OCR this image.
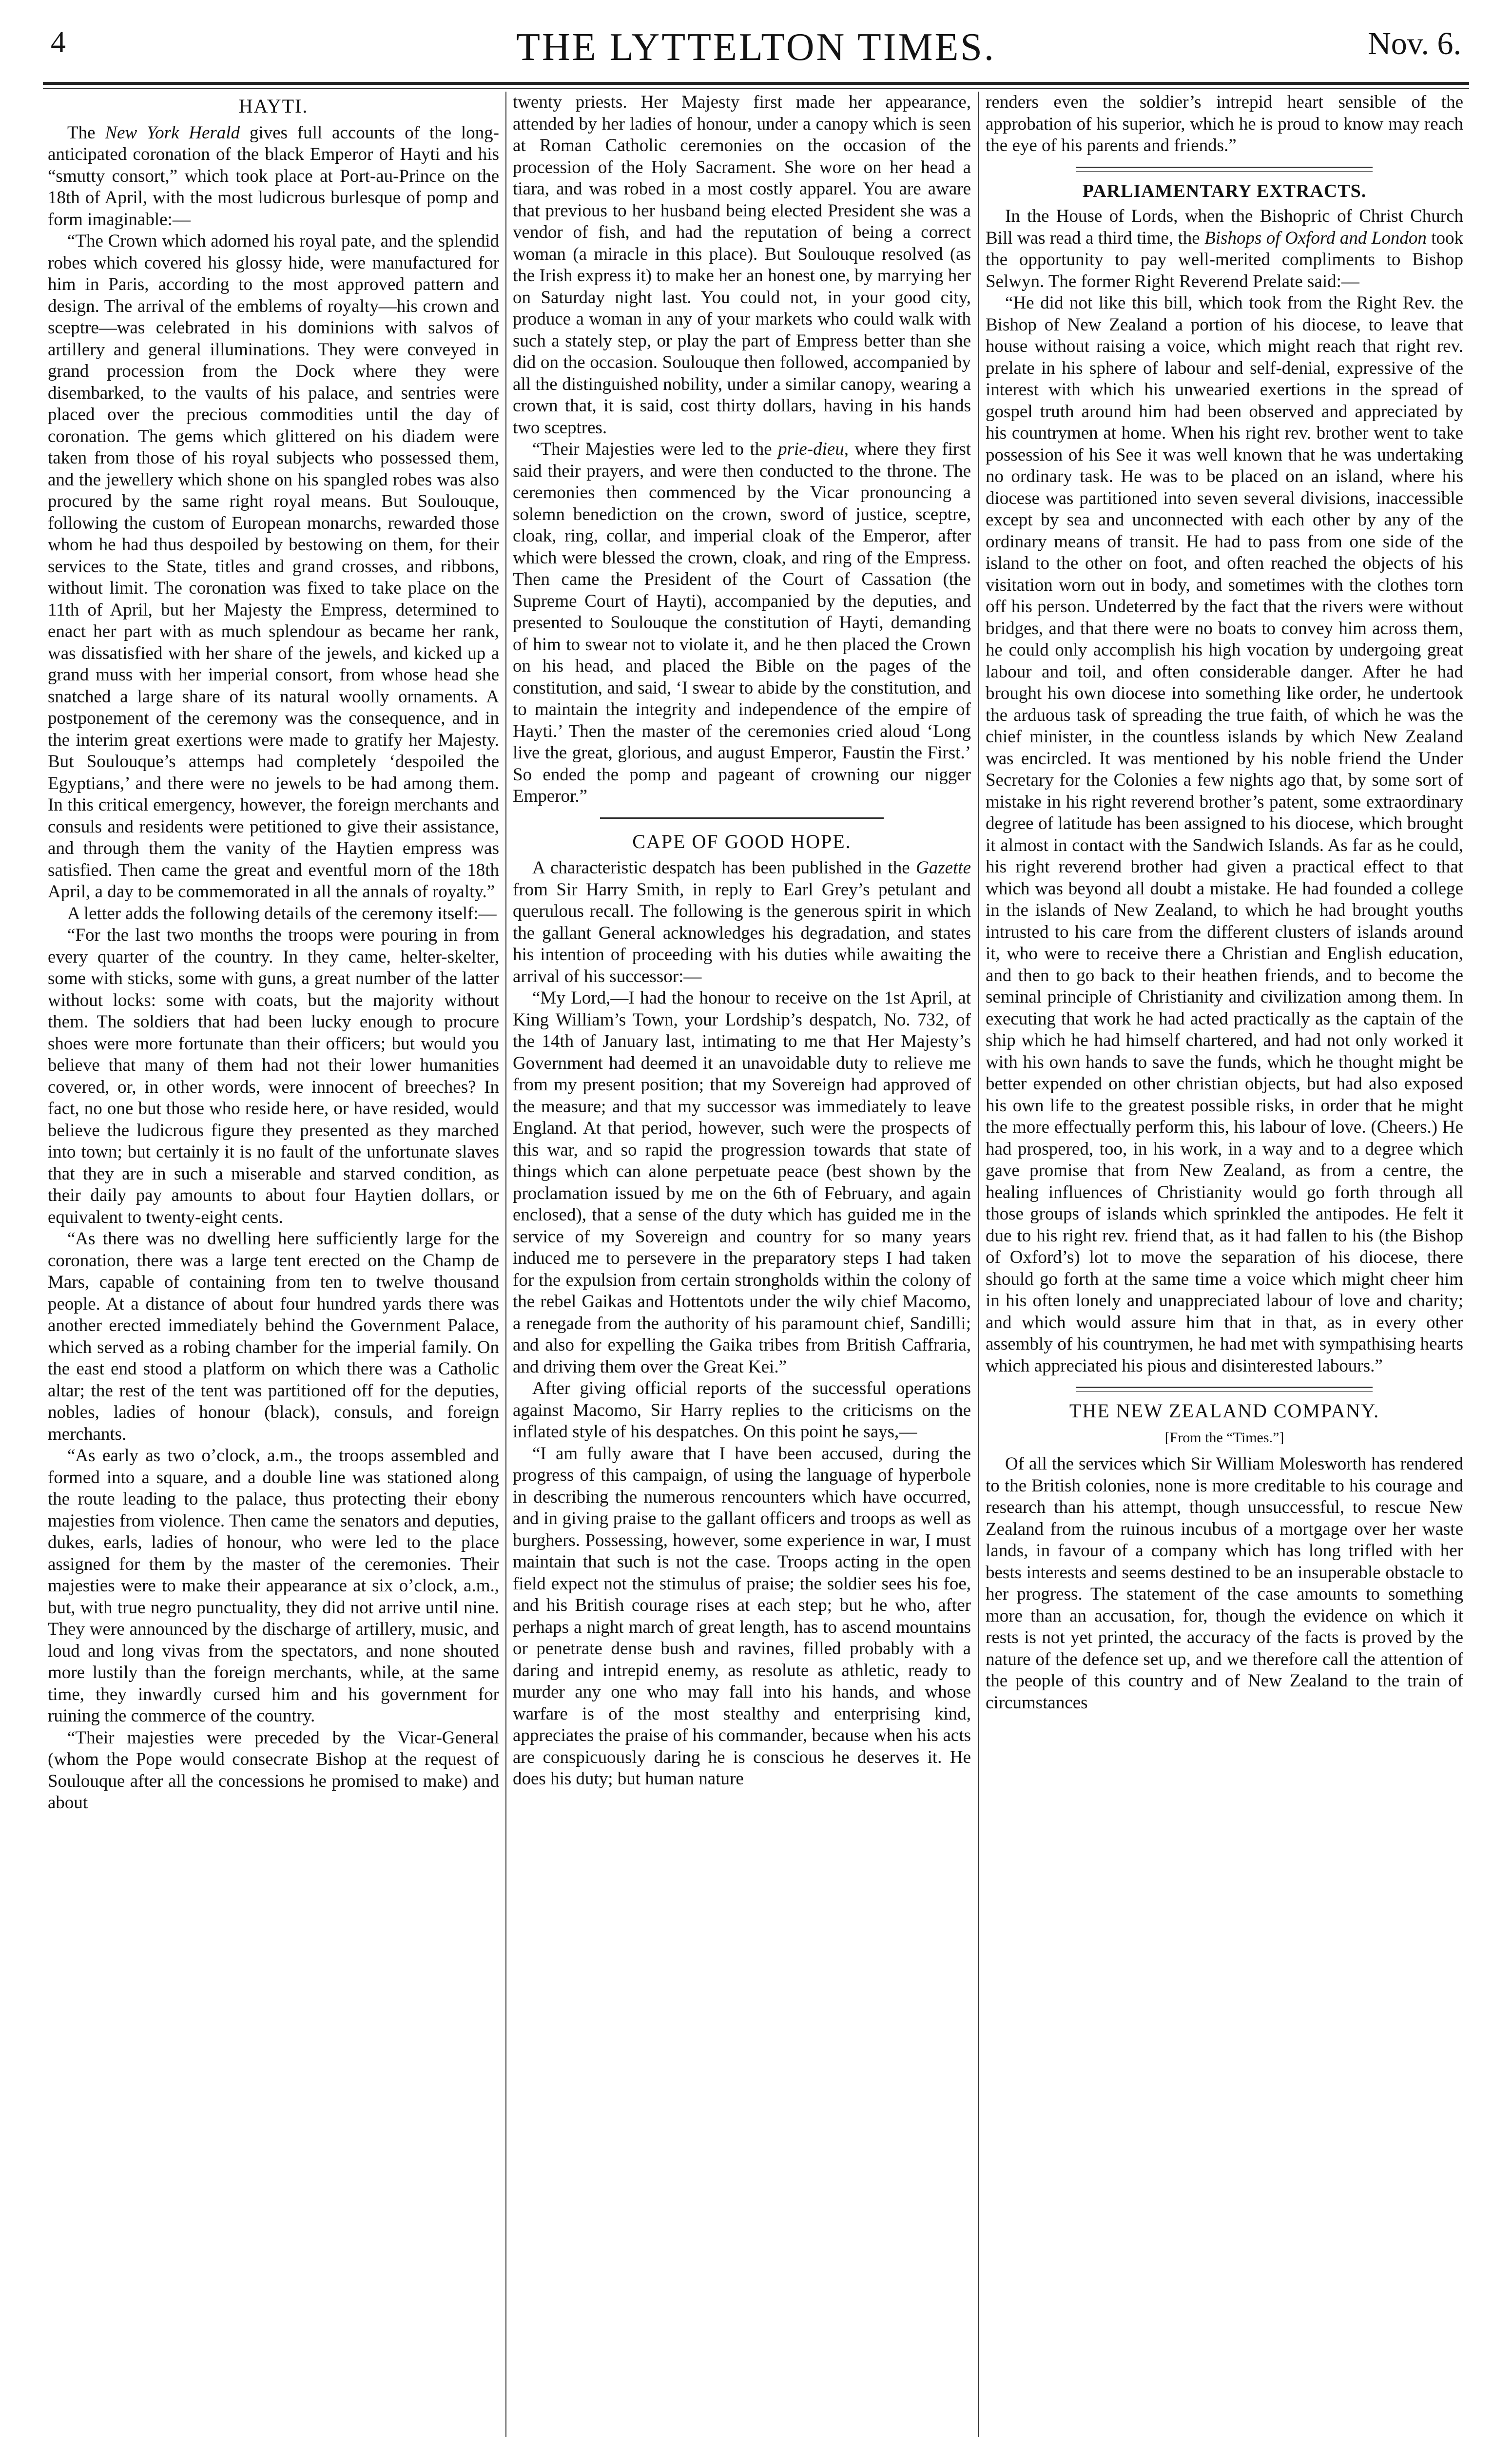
4	THE LYTTELTON TIMES.	Nov. 6.

HAYTI.

The New York Herald gives full accounts of the long-anticipated coronation of the black Emperor of Hayti and his “smutty consort,” which took place at Port-au-Prince on the 18th of April, with the most ludicrous burlesque of pomp and form imaginable:—

“The Crown which adorned his royal pate, and the splendid robes which covered his glossy hide, were manufactured for him in Paris, according to the most approved pattern and design. The arrival of the emblems of royalty—his crown and sceptre—was celebrated in his dominions with salvos of artillery and general illuminations. They were conveyed in grand procession from the Dock where they were disembarked, to the vaults of his palace, and sentries were placed over the precious commodities until the day of coronation. The gems which glittered on his diadem were taken from those of his royal subjects who possessed them, and the jewellery which shone on his spangled robes was also procured by the same right royal means. But Soulouque, following the custom of European monarchs, rewarded those whom he had thus despoiled by bestowing on them, for their services to the State, titles and grand crosses, and ribbons, without limit. The coronation was fixed to take place on the 11th of April, but her Majesty the Empress, determined to enact her part with as much splendour as became her rank, was dissatisfied with her share of the jewels, and kicked up a grand muss with her imperial consort, from whose head she snatched a large share of its natural woolly ornaments. A postponement of the ceremony was the consequence, and in the interim great exertions were made to gratify her Majesty. But Soulouque’s attemps had completely ‘despoiled the Egyptians,’ and there were no jewels to be had among them. In this critical emergency, however, the foreign merchants and consuls and residents were petitioned to give their assistance, and through them the vanity of the Haytien empress was satisfied. Then came the great and eventful morn of the 18th April, a day to be commemorated in all the annals of royalty.”

A letter adds the following details of the ceremony itself:—

“For the last two months the troops were pouring in from every quarter of the country. In they came, helter-skelter, some with sticks, some with guns, a great number of the latter without locks: some with coats, but the majority without them. The soldiers that had been lucky enough to procure shoes were more fortunate than their officers; but would you believe that many of them had not their lower humanities covered, or, in other words, were innocent of breeches? In fact, no one but those who reside here, or have resided, would believe the ludicrous figure they presented as they marched into town; but certainly it is no fault of the unfortunate slaves that they are in such a miserable and starved condition, as their daily pay amounts to about four Haytien dollars, or equivalent to twenty-eight cents.

“As there was no dwelling here sufficiently large for the coronation, there was a large tent erected on the Champ de Mars, capable of containing from ten to twelve thousand people. At a distance of about four hundred yards there was another erected immediately behind the Government Palace, which served as a robing chamber for the imperial family. On the east end stood a platform on which there was a Catholic altar; the rest of the tent was partitioned off for the deputies, nobles, ladies of honour (black), consuls, and foreign merchants.

“As early as two o’clock, a.m., the troops assembled and formed into a square, and a double line was stationed along the route leading to the palace, thus protecting their ebony majesties from violence. Then came the senators and deputies, dukes, earls, ladies of honour, who were led to the place assigned for them by the master of the ceremonies. Their majesties were to make their appearance at six o’clock, a.m., but, with true negro punctuality, they did not arrive until nine. They were announced by the discharge of artillery, music, and loud and long vivas from the spectators, and none shouted more lustily than the foreign merchants, while, at the same time, they inwardly cursed him and his government for ruining the commerce of the country.

“Their majesties were preceded by the Vicar-General (whom the Pope would consecrate Bishop at the request of Soulouque after all the concessions he promised to make) and about

twenty priests. Her Majesty first made her appearance, attended by her ladies of honour, under a canopy which is seen at Roman Catholic ceremonies on the occasion of the procession of the Holy Sacrament. She wore on her head a tiara, and was robed in a most costly apparel. You are aware that previous to her husband being elected President she was a vendor of fish, and had the reputation of being a correct woman (a miracle in this place). But Soulouque resolved (as the Irish express it) to make her an honest one, by marrying her on Saturday night last. You could not, in your good city, produce a woman in any of your markets who could walk with such a stately step, or play the part of Empress better than she did on the occasion. Soulouque then followed, accompanied by all the distinguished nobility, under a similar canopy, wearing a crown that, it is said, cost thirty dollars, having in his hands two sceptres.

“Their Majesties were led to the prie-dieu, where they first said their prayers, and were then conducted to the throne. The ceremonies then commenced by the Vicar pronouncing a solemn benediction on the crown, sword of justice, sceptre, cloak, ring, collar, and imperial cloak of the Emperor, after which were blessed the crown, cloak, and ring of the Empress. Then came the President of the Court of Cassation (the Supreme Court of Hayti), accompanied by the deputies, and presented to Soulouque the constitution of Hayti, demanding of him to swear not to violate it, and he then placed the Crown on his head, and placed the Bible on the pages of the constitution, and said, ‘I swear to abide by the constitution, and to maintain the integrity and independence of the empire of Hayti.’ Then the master of the ceremonies cried aloud ‘Long live the great, glorious, and august Emperor, Faustin the First.’ So ended the pomp and pageant of crowning our nigger Emperor.”

CAPE OF GOOD HOPE.

A characteristic despatch has been published in the Gazette from Sir Harry Smith, in reply to Earl Grey’s petulant and querulous recall. The following is the generous spirit in which the gallant General acknowledges his degradation, and states his intention of proceeding with his duties while awaiting the arrival of his successor:—

“My Lord,—I had the honour to receive on the 1st April, at King William’s Town, your Lordship’s despatch, No. 732, of the 14th of January last, intimating to me that Her Majesty’s Government had deemed it an unavoidable duty to relieve me from my present position; that my Sovereign had approved of the measure; and that my successor was immediately to leave England. At that period, however, such were the prospects of this war, and so rapid the progression towards that state of things which can alone perpetuate peace (best shown by the proclamation issued by me on the 6th of February, and again enclosed), that a sense of the duty which has guided me in the service of my Sovereign and country for so many years induced me to persevere in the preparatory steps I had taken for the expulsion from certain strongholds within the colony of the rebel Gaikas and Hottentots under the wily chief Macomo, a renegade from the authority of his paramount chief, Sandilli; and also for expelling the Gaika tribes from British Caffraria, and driving them over the Great Kei.”

After giving official reports of the successful operations against Macomo, Sir Harry replies to the criticisms on the inflated style of his despatches. On this point he says,—

“I am fully aware that I have been accused, during the progress of this campaign, of using the language of hyperbole in describing the numerous rencounters which have occurred, and in giving praise to the gallant officers and troops as well as burghers. Possessing, however, some experience in war, I must maintain that such is not the case. Troops acting in the open field expect not the stimulus of praise; the soldier sees his foe, and his British courage rises at each step; but he who, after perhaps a night march of great length, has to ascend mountains or penetrate dense bush and ravines, filled probably with a daring and intrepid enemy, as resolute as athletic, ready to murder any one who may fall into his hands, and whose warfare is of the most stealthy and enterprising kind, appreciates the praise of his commander, because when his acts are conspicuously daring he is conscious he deserves it. He does his duty; but human nature

renders even the soldier’s intrepid heart sensible of the approbation of his superior, which he is proud to know may reach the eye of his parents and friends.”

PARLIAMENTARY EXTRACTS.

In the House of Lords, when the Bishopric of Christ Church Bill was read a third time, the Bishops of Oxford and London took the opportunity to pay well-merited compliments to Bishop Selwyn. The former Right Reverend Prelate said:—

“He did not like this bill, which took from the Right Rev. the Bishop of New Zealand a portion of his diocese, to leave that house without raising a voice, which might reach that right rev. prelate in his sphere of labour and self-denial, expressive of the interest with which his unwearied exertions in the spread of gospel truth around him had been observed and appreciated by his countrymen at home. When his right rev. brother went to take possession of his See it was well known that he was undertaking no ordinary task. He was to be placed on an island, where his diocese was partitioned into seven several divisions, inaccessible except by sea and unconnected with each other by any of the ordinary means of transit. He had to pass from one side of the island to the other on foot, and often reached the objects of his visitation worn out in body, and sometimes with the clothes torn off his person. Undeterred by the fact that the rivers were without bridges, and that there were no boats to convey him across them, he could only accomplish his high vocation by undergoing great labour and toil, and often considerable danger. After he had brought his own diocese into something like order, he undertook the arduous task of spreading the true faith, of which he was the chief minister, in the countless islands by which New Zealand was encircled. It was mentioned by his noble friend the Under Secretary for the Colonies a few nights ago that, by some sort of mistake in his right reverend brother’s patent, some extraordinary degree of latitude has been assigned to his diocese, which brought it almost in contact with the Sandwich Islands. As far as he could, his right reverend brother had given a practical effect to that which was beyond all doubt a mistake. He had founded a college in the islands of New Zealand, to which he had brought youths intrusted to his care from the different clusters of islands around it, who were to receive there a Christian and English education, and then to go back to their heathen friends, and to become the seminal principle of Christianity and civilization among them. In executing that work he had acted practically as the captain of the ship which he had himself chartered, and had not only worked it with his own hands to save the funds, which he thought might be better expended on other christian objects, but had also exposed his own life to the greatest possible risks, in order that he might the more effectually perform this, his labour of love. (Cheers.) He had prospered, too, in his work, in a way and to a degree which gave promise that from New Zealand, as from a centre, the healing influences of Christianity would go forth through all those groups of islands which sprinkled the antipodes. He felt it due to his right rev. friend that, as it had fallen to his (the Bishop of Oxford’s) lot to move the separation of his diocese, there should go forth at the same time a voice which might cheer him in his often lonely and unappreciated labour of love and charity; and which would assure him that in that, as in every other assembly of his countrymen, he had met with sympathising hearts which appreciated his pious and disinterested labours.”

THE NEW ZEALAND COMPANY.

[From the “Times.”]

Of all the services which Sir William Molesworth has rendered to the British colonies, none is more creditable to his courage and research than his attempt, though unsuccessful, to rescue New Zealand from the ruinous incubus of a mortgage over her waste lands, in favour of a company which has long trifled with her bests interests and seems destined to be an insuperable obstacle to her progress. The statement of the case amounts to something more than an accusation, for, though the evidence on which it rests is not yet printed, the accuracy of the facts is proved by the nature of the defence set up, and we therefore call the attention of the people of this country and of New Zealand to the train of circumstances
